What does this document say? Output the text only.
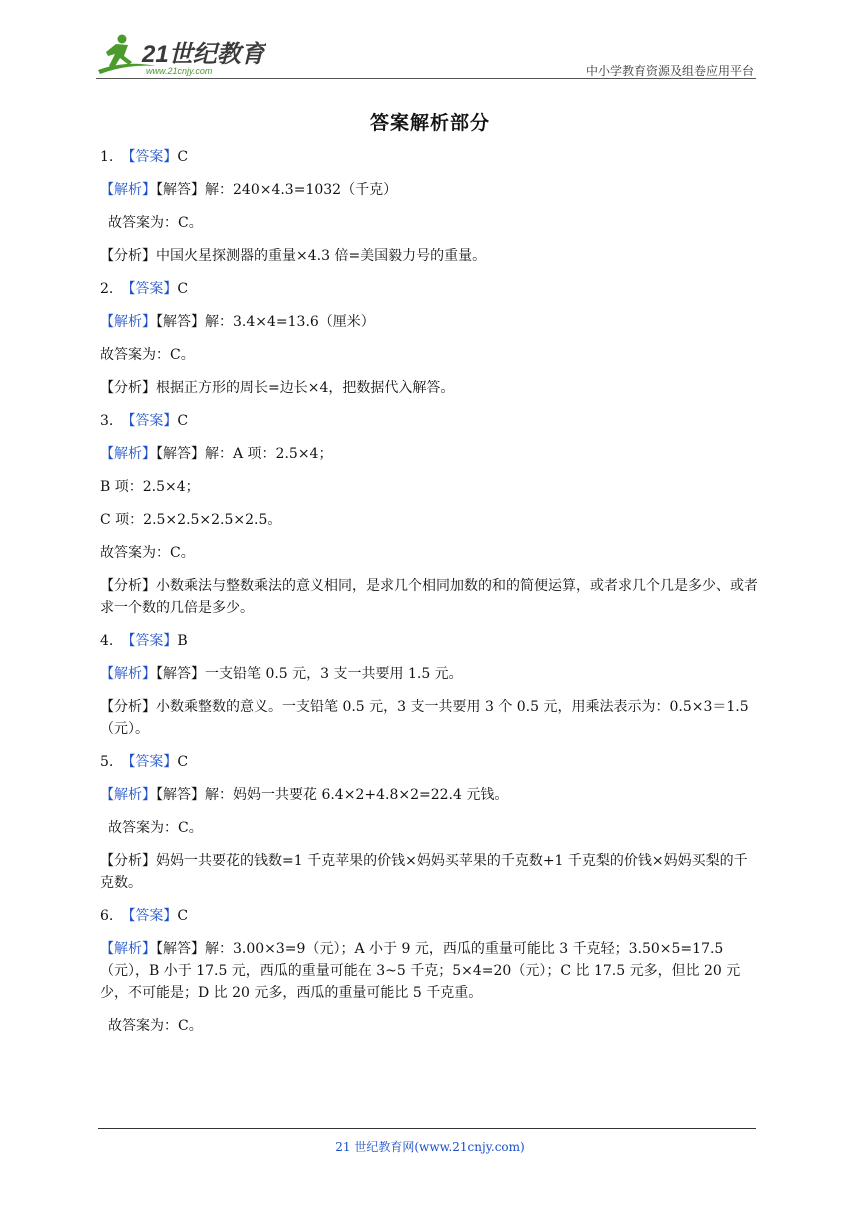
21世纪教育
www.21cnjy.com	中小学教育资源及组卷应用平台
答案解析部分
1. 【答案】C
【解析】【解答】解：240×4.3=1032（千克）
故答案为：C。
【分析】中国火星探测器的重量×4.3 倍=美国毅力号的重量。
2. 【答案】C
【解析】【解答】解：3.4×4=13.6（厘米）
故答案为：C。
【分析】根据正方形的周长=边长×4，把数据代入解答。
3. 【答案】C
【解析】【解答】解：A 项：2.5×4；
B 项：2.5×4；
C 项：2.5×2.5×2.5×2.5。
故答案为：C。
【分析】小数乘法与整数乘法的意义相同，是求几个相同加数的和的简便运算，或者求几个几是多少、或者求一个数的几倍是多少。
4. 【答案】B
【解析】【解答】一支铅笔 0.5 元，3 支一共要用 1.5 元。
【分析】小数乘整数的意义。一支铅笔 0.5 元，3 支一共要用 3 个 0.5 元，用乘法表示为：0.5×3＝1.5（元）。
5. 【答案】C
【解析】【解答】解：妈妈一共要花 6.4×2+4.8×2=22.4 元钱。
故答案为：C。
【分析】妈妈一共要花的钱数=1 千克苹果的价钱×妈妈买苹果的千克数+1 千克梨的价钱×妈妈买梨的千克数。
6. 【答案】C
【解析】【解答】解：3.00×3=9（元）；A 小于 9 元，西瓜的重量可能比 3 千克轻；3.50×5=17.5（元），B 小于 17.5 元，西瓜的重量可能在 3~5 千克；5×4=20（元）；C 比 17.5 元多，但比 20 元少，不可能是；D 比 20 元多，西瓜的重量可能比 5 千克重。
故答案为：C。
21 世纪教育网(www.21cnjy.com)
